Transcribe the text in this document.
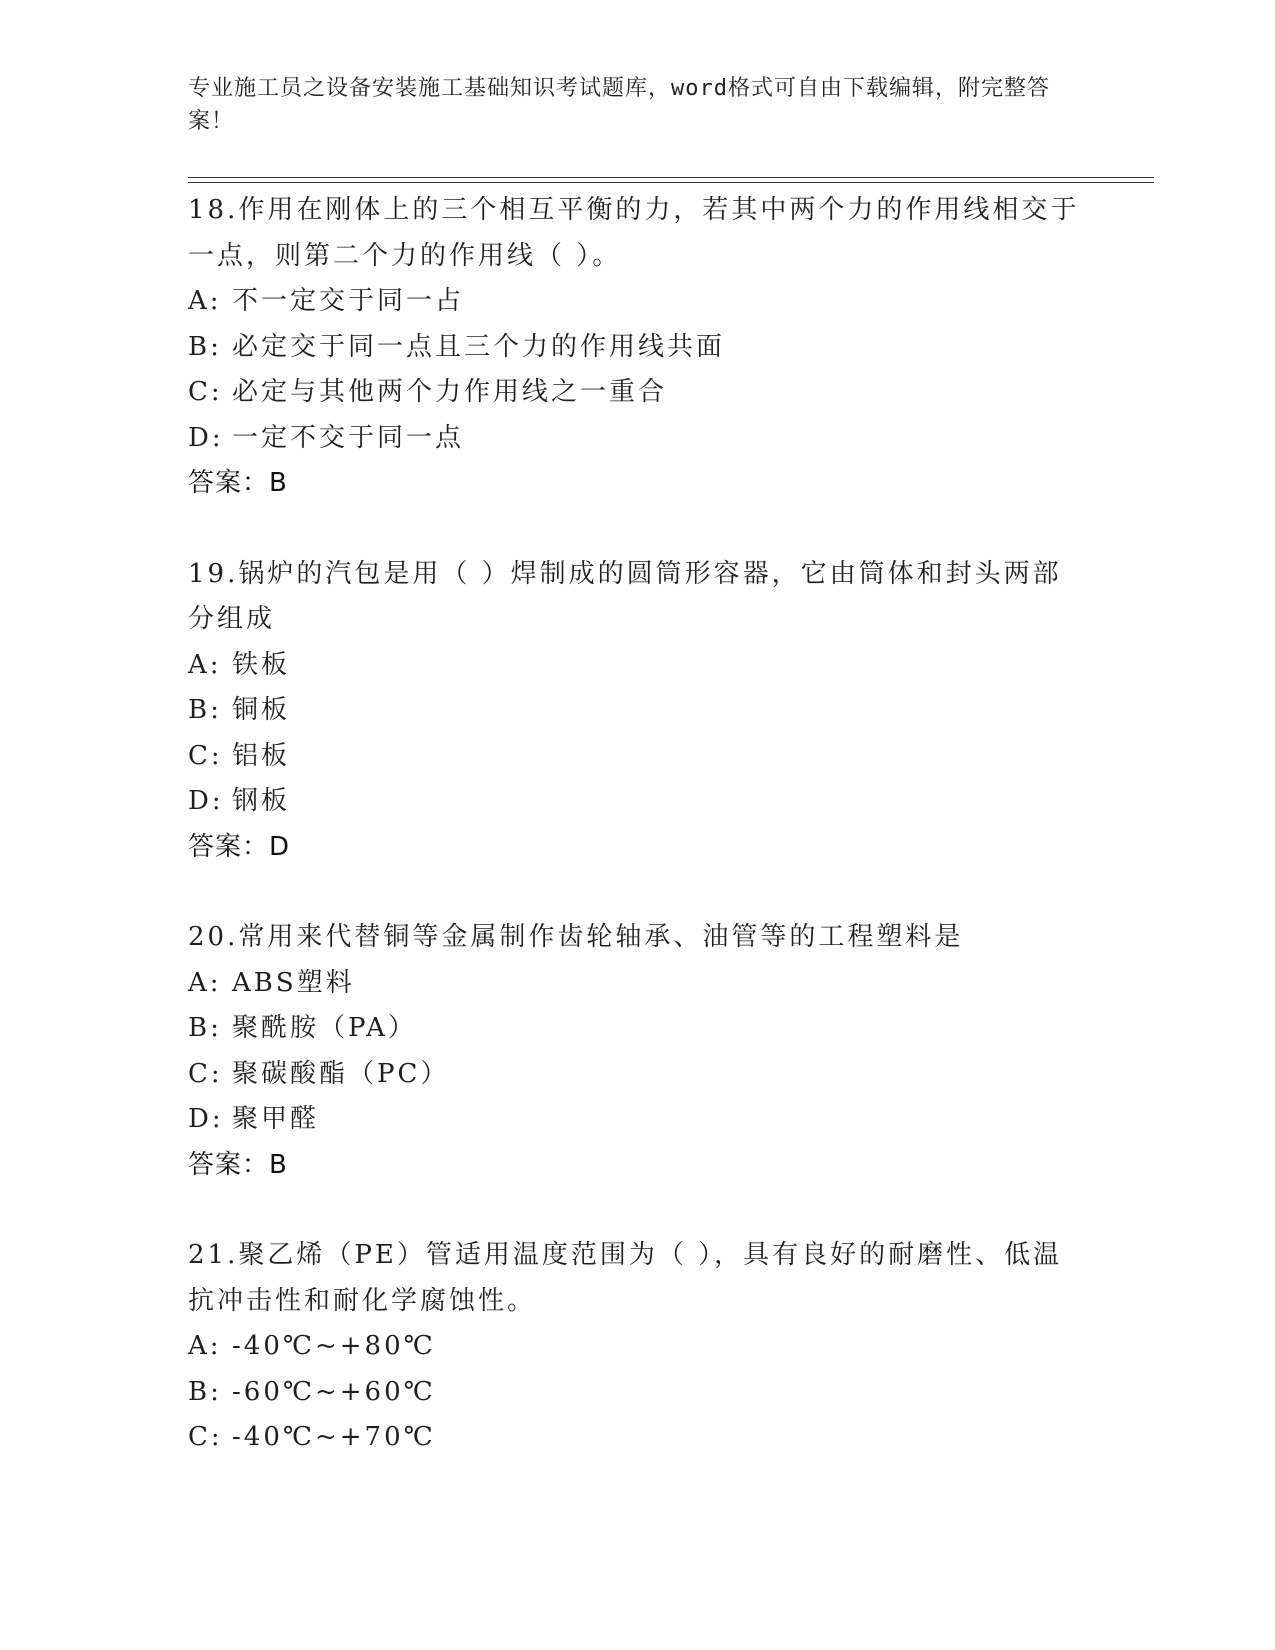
专业施工员之设备安装施工基础知识考试题库，word格式可自由下载编辑，附完整答案！
18.作用在刚体上的三个相互平衡的力，若其中两个力的作用线相交于一点，则第二个力的作用线（ ）。
A: 不一定交于同一占
B: 必定交于同一点且三个力的作用线共面
C: 必定与其他两个力作用线之一重合
D: 一定不交于同一点
答案：B
19.锅炉的汽包是用（ ）焊制成的圆筒形容器，它由筒体和封头两部分组成
A: 铁板
B: 铜板
C: 铝板
D: 钢板
答案：D
20.常用来代替铜等金属制作齿轮轴承、油管等的工程塑料是
A: ABS塑料
B: 聚酰胺（PA）
C: 聚碳酸酯（PC）
D: 聚甲醛
答案：B
21.聚乙烯（PE）管适用温度范围为（ ），具有良好的耐磨性、低温抗冲击性和耐化学腐蚀性。
A: -40℃~+80℃
B: -60℃~+60℃
C: -40℃~+70℃
